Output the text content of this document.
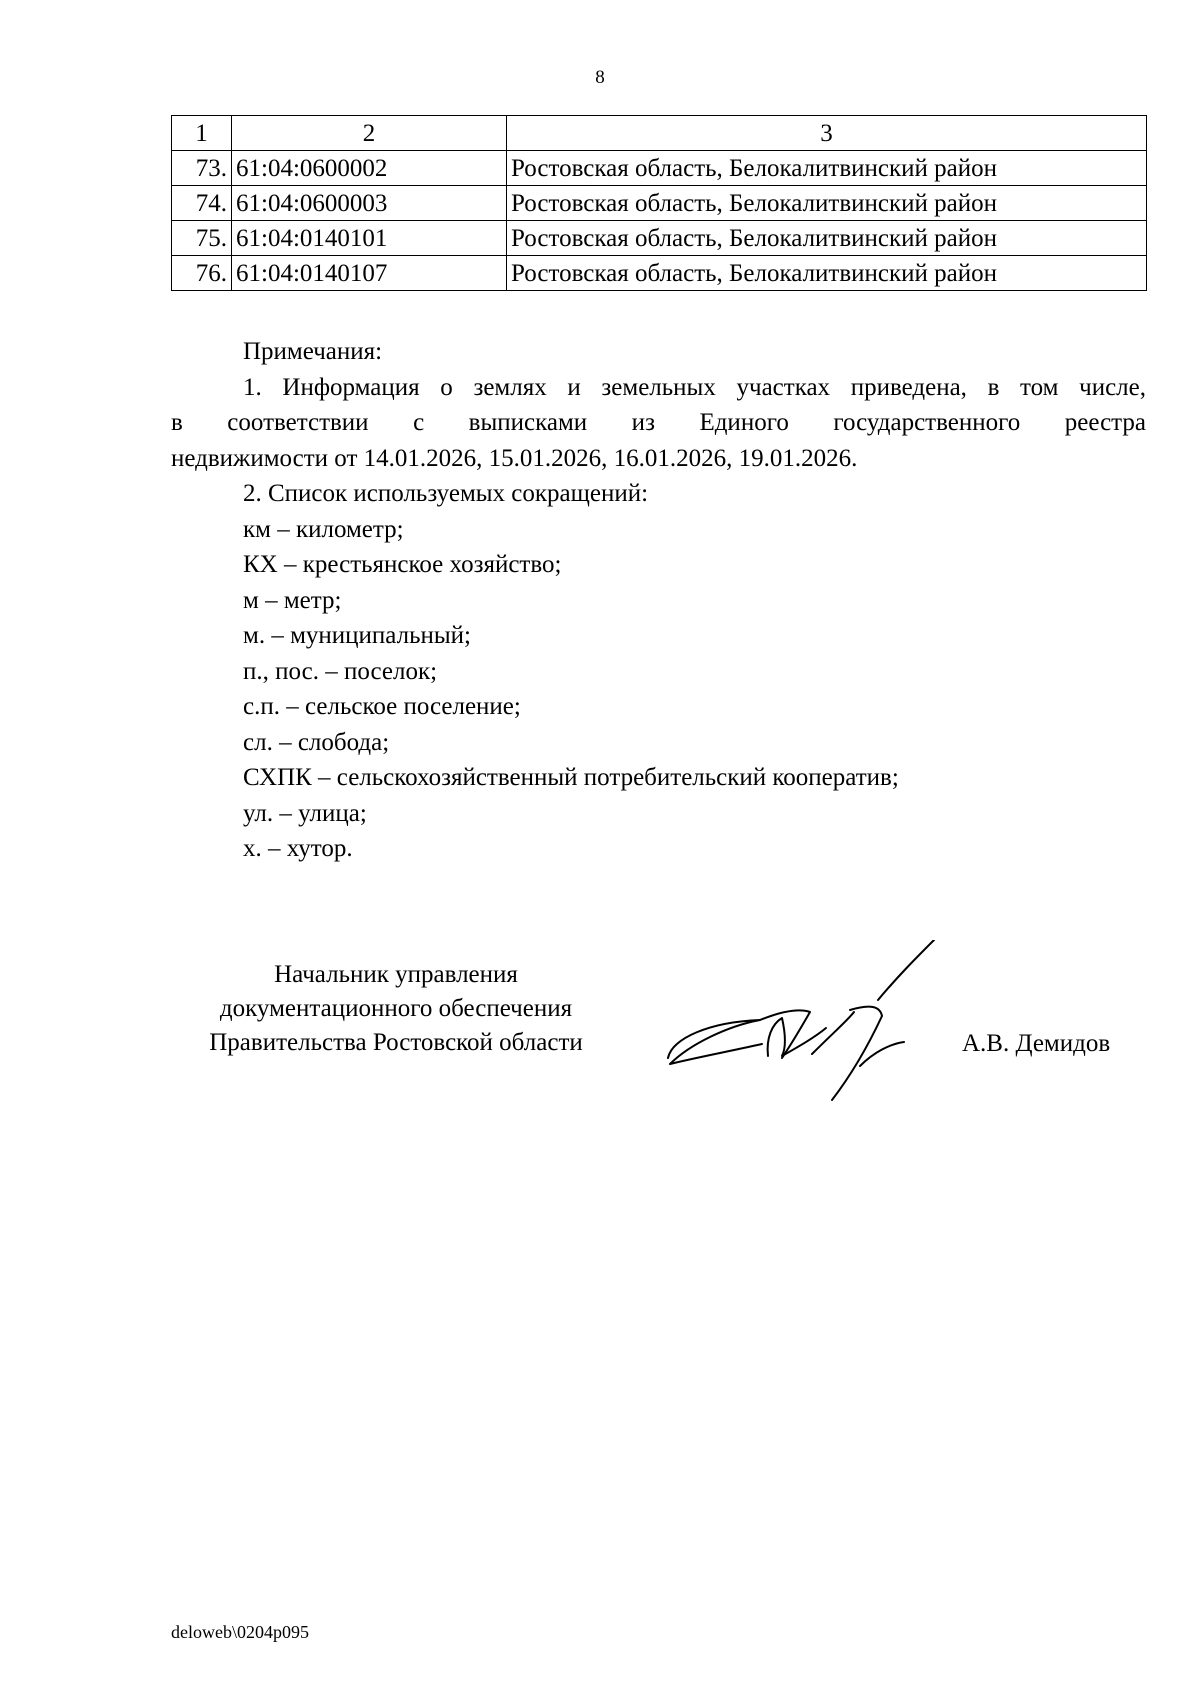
8
1	2	3
73.	61:04:0600002	Ростовская область, Белокалитвинский район
74.	61:04:0600003	Ростовская область, Белокалитвинский район
75.	61:04:0140101	Ростовская область, Белокалитвинский район
76.	61:04:0140107	Ростовская область, Белокалитвинский район

Примечания:

1. Информация о землях и земельных участках приведена, в том числе,

в соответствии с выписками из Единого государственного реестра

недвижимости от 14.01.2026, 15.01.2026, 16.01.2026, 19.01.2026.

2. Список используемых сокращений:

км – километр;

КХ – крестьянское хозяйство;

м – метр;

м. – муниципальный;

п., пос. – поселок;

с.п. – сельское поселение;

сл. – слобода;

СХПК – сельскохозяйственный потребительский кооператив;

ул. – улица;

х. – хутор.

Начальник управления
документационного обеспечения
Правительства Ростовской области	А.В. Демидов
deloweb\0204p095
